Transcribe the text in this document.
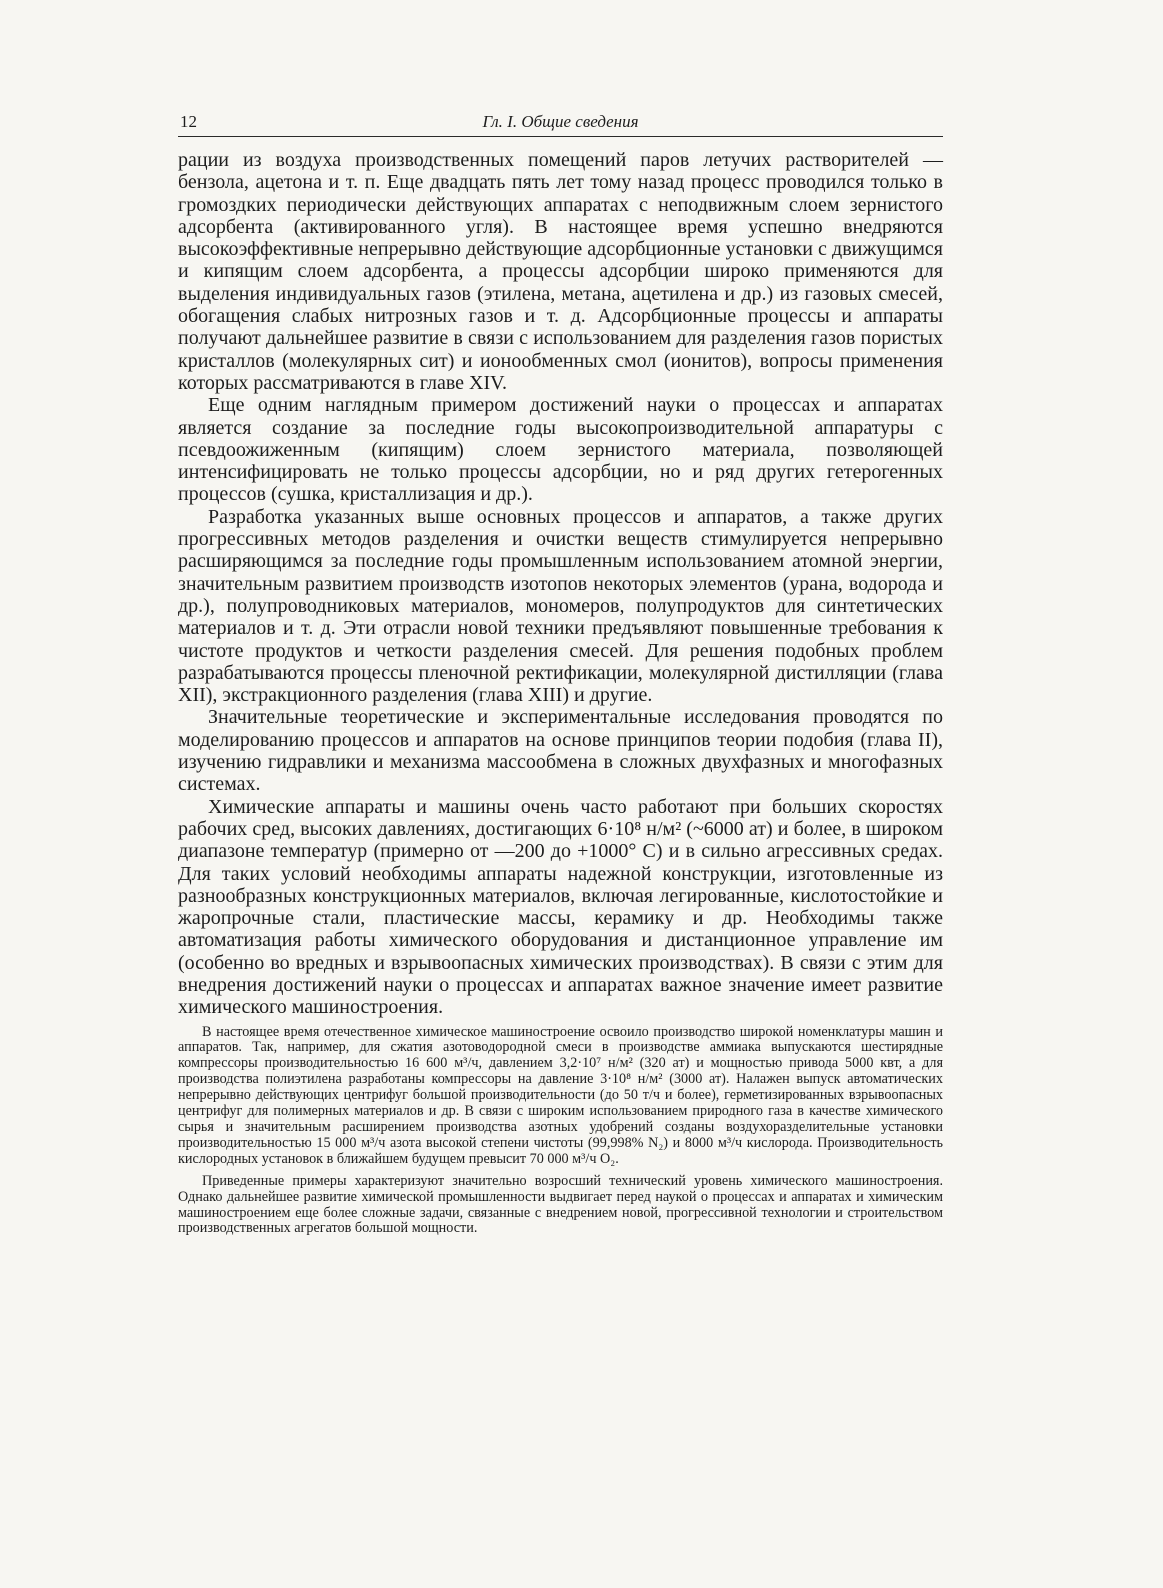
12	Гл. I. Общие сведения

рации из воздуха производственных помещений паров летучих растворителей — бензола, ацетона и т. п. Еще двадцать пять лет тому назад процесс проводился только в громоздких периодически действующих аппаратах с неподвижным слоем зернистого адсорбента (активированного угля). В настоящее время успешно внедряются высокоэффективные непрерывно действующие адсорбционные установки с движущимся и кипящим слоем адсорбента, а процессы адсорбции широко применяются для выделения индивидуальных газов (этилена, метана, ацетилена и др.) из газовых смесей, обогащения слабых нитрозных газов и т. д. Адсорбционные процессы и аппараты получают дальнейшее развитие в связи с использованием для разделения газов пористых кристаллов (молекулярных сит) и ионообменных смол (ионитов), вопросы применения которых рассматриваются в главе XIV.

Еще одним наглядным примером достижений науки о процессах и аппаратах является создание за последние годы высокопроизводительной аппаратуры с псевдоожиженным (кипящим) слоем зернистого материала, позволяющей интенсифицировать не только процессы адсорбции, но и ряд других гетерогенных процессов (сушка, кристаллизация и др.).

Разработка указанных выше основных процессов и аппаратов, а также других прогрессивных методов разделения и очистки веществ стимулируется непрерывно расширяющимся за последние годы промышленным использованием атомной энергии, значительным развитием производств изотопов некоторых элементов (урана, водорода и др.), полупроводниковых материалов, мономеров, полупродуктов для синтетических материалов и т. д. Эти отрасли новой техники предъявляют повышенные требования к чистоте продуктов и четкости разделения смесей. Для решения подобных проблем разрабатываются процессы пленочной ректификации, молекулярной дистилляции (глава XII), экстракционного разделения (глава XIII) и другие.

Значительные теоретические и экспериментальные исследования проводятся по моделированию процессов и аппаратов на основе принципов теории подобия (глава II), изучению гидравлики и механизма массообмена в сложных двухфазных и многофазных системах.

Химические аппараты и машины очень часто работают при больших скоростях рабочих сред, высоких давлениях, достигающих 6·10⁸ н/м² (~6000 ат) и более, в широком диапазоне температур (примерно от —200 до +1000° С) и в сильно агрессивных средах. Для таких условий необходимы аппараты надежной конструкции, изготовленные из разнообразных конструкционных материалов, включая легированные, кислотостойкие и жаропрочные стали, пластические массы, керамику и др. Необходимы также автоматизация работы химического оборудования и дистанционное управление им (особенно во вредных и взрывоопасных химических производствах). В связи с этим для внедрения достижений науки о процессах и аппаратах важное значение имеет развитие химического машиностроения.

В настоящее время отечественное химическое машиностроение освоило производство широкой номенклатуры машин и аппаратов. Так, например, для сжатия азотоводородной смеси в производстве аммиака выпускаются шестирядные компрессоры производительностью 16 600 м³/ч, давлением 3,2·10⁷ н/м² (320 ат) и мощностью привода 5000 квт, а для производства полиэтилена разработаны компрессоры на давление 3·10⁸ н/м² (3000 ат). Налажен выпуск автоматических непрерывно действующих центрифуг большой производительности (до 50 т/ч и более), герметизированных взрывоопасных центрифуг для полимерных материалов и др. В связи с широким использованием природного газа в качестве химического сырья и значительным расширением производства азотных удобрений созданы воздухоразделительные установки производительностью 15 000 м³/ч азота высокой степени чистоты (99,998% N₂) и 8000 м³/ч кислорода. Производительность кислородных установок в ближайшем будущем превысит 70 000 м³/ч O₂.

Приведенные примеры характеризуют значительно возросший технический уровень химического машиностроения. Однако дальнейшее развитие химической промышленности выдвигает перед наукой о процессах и аппаратах и химическим машиностроением еще более сложные задачи, связанные с внедрением новой, прогрессивной технологии и строительством производственных агрегатов большой мощности.
